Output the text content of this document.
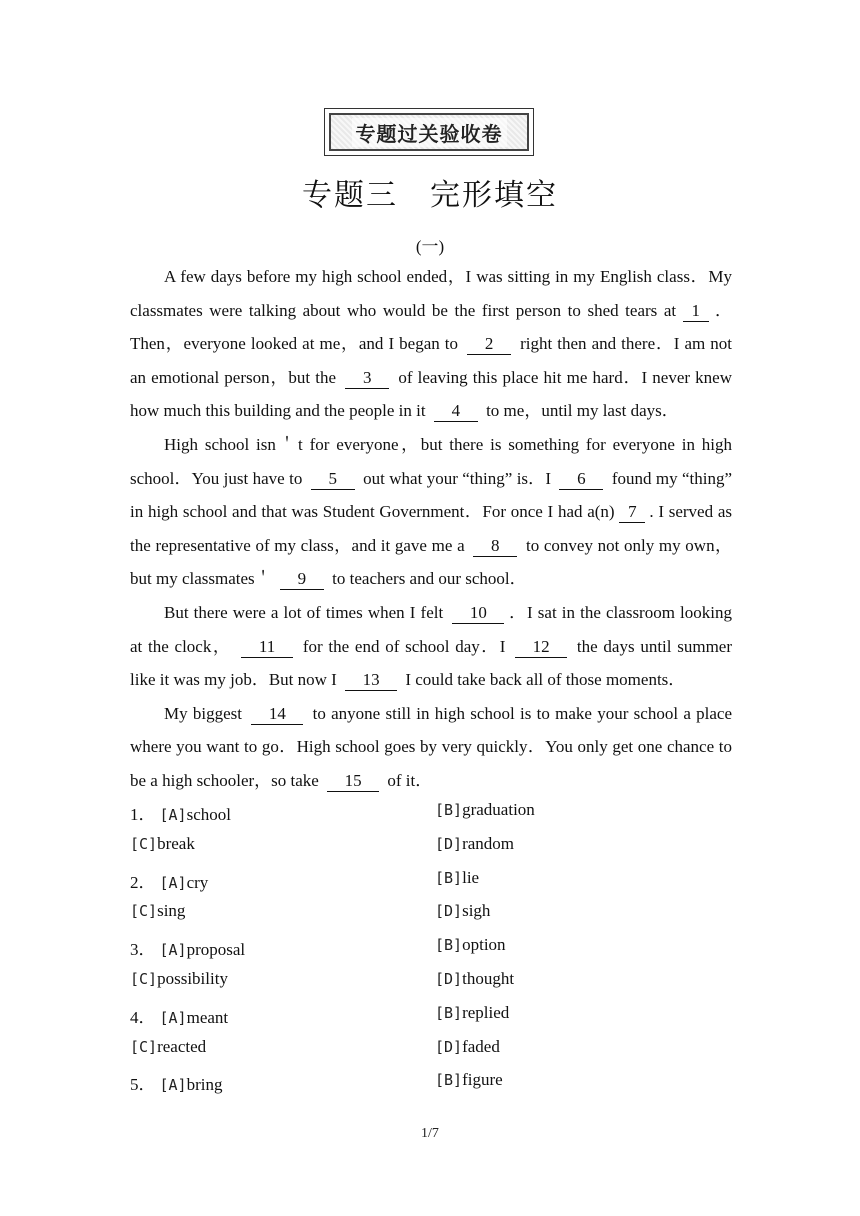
专题过关验收卷
专题三　完形填空
(一)

A few days before my high school ended，I was sitting in my English class．My classmates were talking about who would be the first person to shed tears at 1 ．Then，everyone looked at me，and I began to 2 right then and there．I am not an emotional person，but the 3 of leaving this place hit me hard．I never knew how much this building and the people in it 4 to me，until my last days．

High school isn＇t for everyone，but there is something for everyone in high school．You just have to 5 out what your “thing” is．I 6 found my “thing” in high school and that was Student Government．For once I had a(n) 7 . I served as the representative of my class，and it gave me a 8 to convey not only my own，but my classmates＇ 9 to teachers and our school．

But there were a lot of times when I felt 10 ．I sat in the classroom looking at the clock， 11 for the end of school day．I 12 the days until summer like it was my job．But now I 13 I could take back all of those moments．

My biggest 14 to anyone still in high school is to make your school a place where you want to go．High school goes by very quickly．You only get one chance to be a high schooler，so take 15 of it．

1． [A]school	[B]graduation
[C]break	[D]random
2． [A]cry	[B]lie
[C]sing	[D]sigh
3． [A]proposal	[B]option
[C]possibility	[D]thought
4． [A]meant	[B]replied
[C]reacted	[D]faded
5． [A]bring	[B]figure
1/7
